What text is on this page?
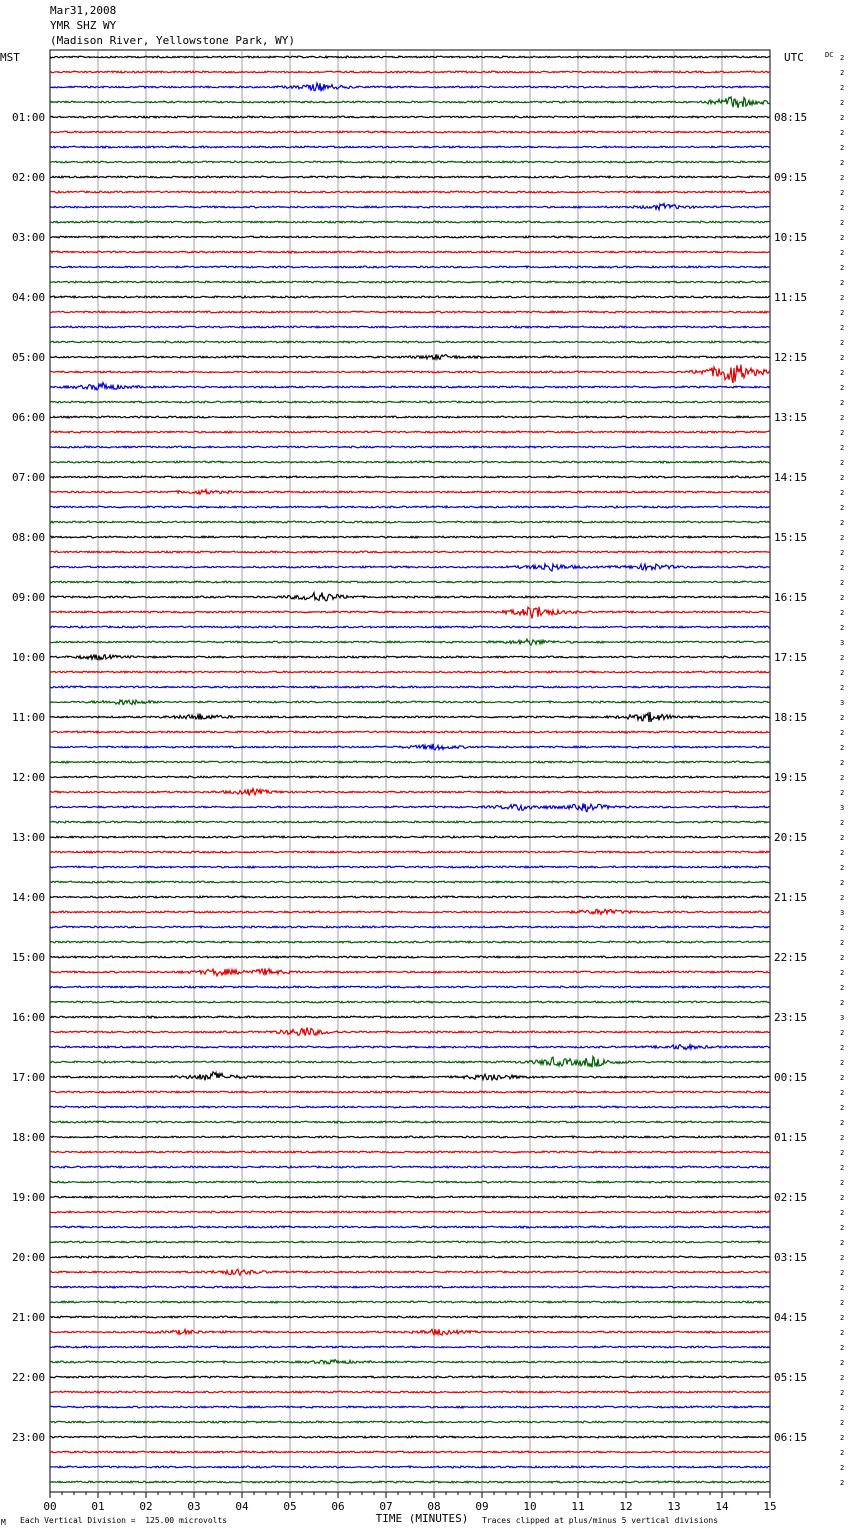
Mar31,2008
YMR SHZ WY
(Madison River, Yellowstone Park, WY)
MST	UTC	DC
TIME (MINUTES)
2
2
2
2
2
2
2
2
2
2
2
2
2
2
2
2
2
2
2
2
2
2
2
2
2
2
2
2
2
2
2
2
2
2
2
2
2
2
2
3
2
2
2
3
2
2
2
2
2
2
3
2
2
2
2
2
2
3
2
2
2
2
2
2
3
2
2
2
2
2
2
2
2
2
2
2
2
2
2
2
2
2
2
2
2
2
2
2
2
2
2
2
2
2
2
2
01:00	08:15
02:00	09:15
03:00	10:15
04:00	11:15
05:00	12:15
06:00	13:15
07:00	14:15
08:00	15:15
09:00	16:15
10:00	17:15
11:00	18:15
12:00	19:15
13:00	20:15
14:00	21:15
15:00	22:15
16:00	23:15
17:00	00:15
18:00	01:15
19:00	02:15
20:00	03:15
21:00	04:15
22:00	05:15
23:00	06:15
00	01	02	03	04	05	06	07	08	09	10	11	12	13	14	15
M Each Vertical Division =  125.00 microvolts	Traces clipped at plus/minus 5 vertical divisions
